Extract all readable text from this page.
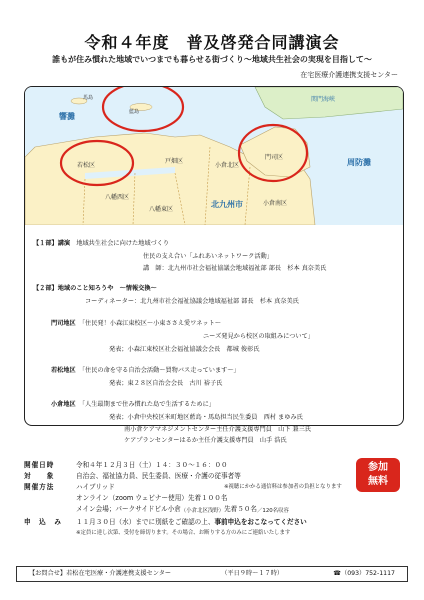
令和４年度　普及啓発合同講演会
誰もが住み慣れた地域でいつまでも暮らせる街づくり～地域共生社会の実現を目指して～
在宅医療介護連携支援センター
響灘
周防灘
関門海峡
北九州市
馬島
藍島
若松区
戸畑区
八幡西区
小倉北区
門司区
八幡東区
小倉南区
【１部】講演　 地域共生社会に向けた地域づくり
住民の支え合い「ふれあいネットワーク活動」
講　師：北九州市社会福祉協議会地域福祉部 部長　杉本 真奈美氏
【２部】地域のこと知ろうや　～情報交換～
コーディネーター：北九州市社会福祉協議会地域福祉部 部長　杉本 真奈美氏
門司地区　 「住民発！小森江東校区～小東ささえ愛ワネット～
ニーズ発見から校区の取組みについて」
発表；小森江東校区社会福祉協議会会長　都城 俊彰氏
若松地区　 「住民の命を守る自治会活動～買物バス走っています～」
発表；東２８区自治会会長　古川 裕子氏
小倉地区　 「人生最期まで住み慣れた島で生活するために」
発表；小倉中央校区米町地区藍島・馬島担当民生委員　西村 まゆみ氏
南小倉ケアマネジメントセンター主任介護支援専門員　山下 兼三氏
ケアプランセンターはるか主任介護支援専門員　山手 浩氏
開催日時	令和４年１２月３日（土）１４：３０～１６：００
対　　象	自治会、福祉協力員、民生委員、医療・介護の従事者等
開催方法	ハイブリッド	※視聴にかかる通信料は参加者の負担となります
オンライン（zoom ウェビナー使用）先着１００名
メイン会場；パークサイドビル小倉 （小倉北区浅野） 先着５０名 ／120名収容
申　込　み	１１月３０日（水）までに別紙をご確認の上、 事前申込をおこなってください
※定員に達し次第、受付を締切ります。その場合、お断りする方のみにご連絡いたします
参加
無料
【お問合せ】若松在宅医療・介護連携支援センター	（平日９時～１７時）	☎（093）752-1117
